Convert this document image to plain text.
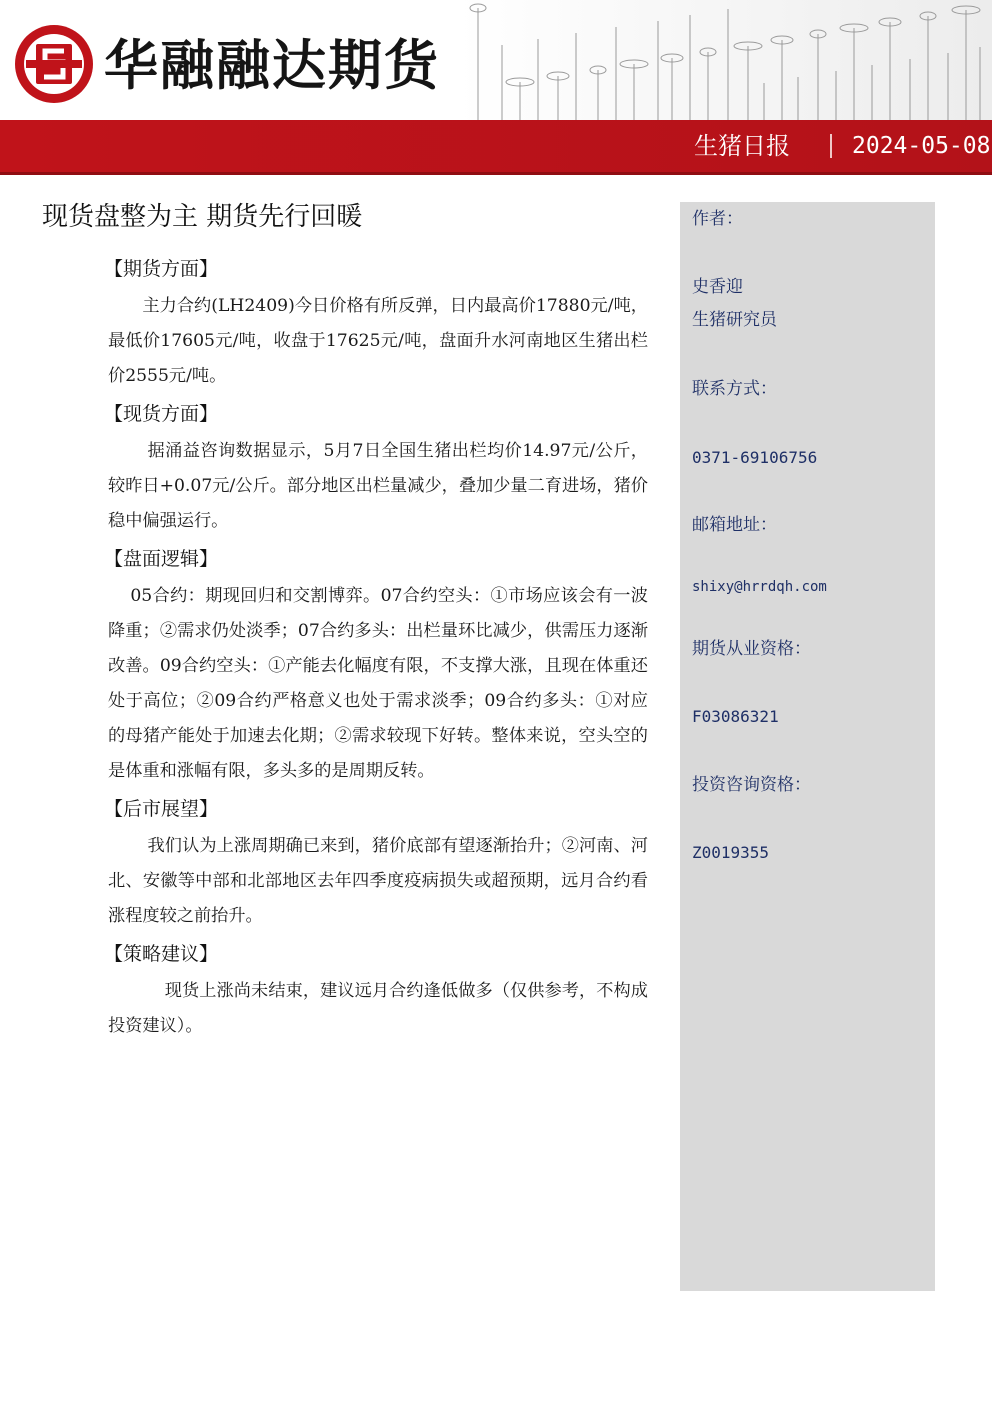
华融融达期货
生猪日报	2024-05-08
现货盘整为主 期货先行回暖
【期货方面】

主力合约(LH2409)今日价格有所反弹，日内最高价17880元/吨，最低价17605元/吨，收盘于17625元/吨，盘面升水河南地区生猪出栏价2555元/吨。

【现货方面】

据涌益咨询数据显示，5月7日全国生猪出栏均价14.97元/公斤，较昨日+0.07元/公斤。部分地区出栏量减少，叠加少量二育进场，猪价稳中偏强运行。

【盘面逻辑】

05合约：期现回归和交割博弈。07合约空头：①市场应该会有一波降重；②需求仍处淡季；07合约多头：出栏量环比减少，供需压力逐渐改善。09合约空头：①产能去化幅度有限，不支撑大涨，且现在体重还处于高位；②09合约严格意义也处于需求淡季；09合约多头：①对应的母猪产能处于加速去化期；②需求较现下好转。整体来说，空头空的是体重和涨幅有限，多头多的是周期反转。

【后市展望】

我们认为上涨周期确已来到，猪价底部有望逐渐抬升；②河南、河北、安徽等中部和北部地区去年四季度疫病损失或超预期，远月合约看涨程度较之前抬升。

【策略建议】

现货上涨尚未结束，建议远月合约逢低做多（仅供参考，不构成投资建议）。

作者：
史香迎
生猪研究员
联系方式：
0371-69106756
邮箱地址：
shixy@hrrdqh.com
期货从业资格：
F03086321
投资咨询资格：
Z0019355
